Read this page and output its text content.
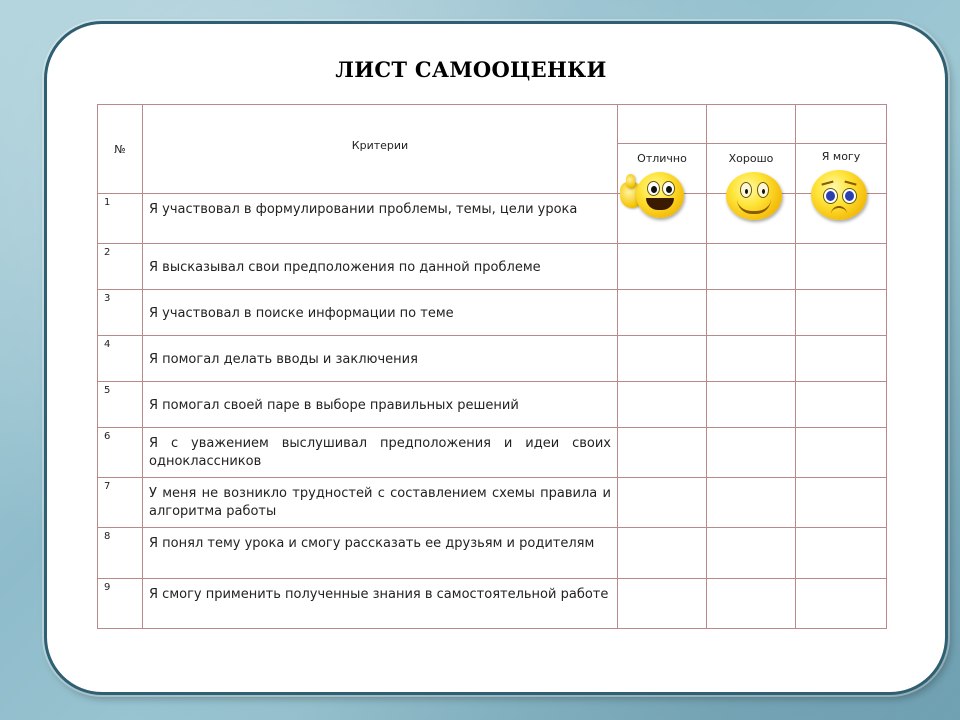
ЛИСТ САМООЦЕНКИ
№	Критерии			
		Отлично	Хорошо	Я могу
1	Я участвовал в формулировании проблемы, темы, цели урока			
2	Я высказывал свои предположения по данной проблеме			
3	Я участвовал в поиске информации по теме			
4	Я помогал делать вводы и заключения			
5	Я помогал своей паре в выборе правильных решений			
6	Я с уважением выслушивал предположения и идеи своих одноклассников			
7	У меня не возникло трудностей с составлением схемы правила и алгоритма работы			
8	Я понял тему урока и смогу рассказать ее друзьям и родителям			
9	Я смогу применить полученные знания в самостоятельной работе			
